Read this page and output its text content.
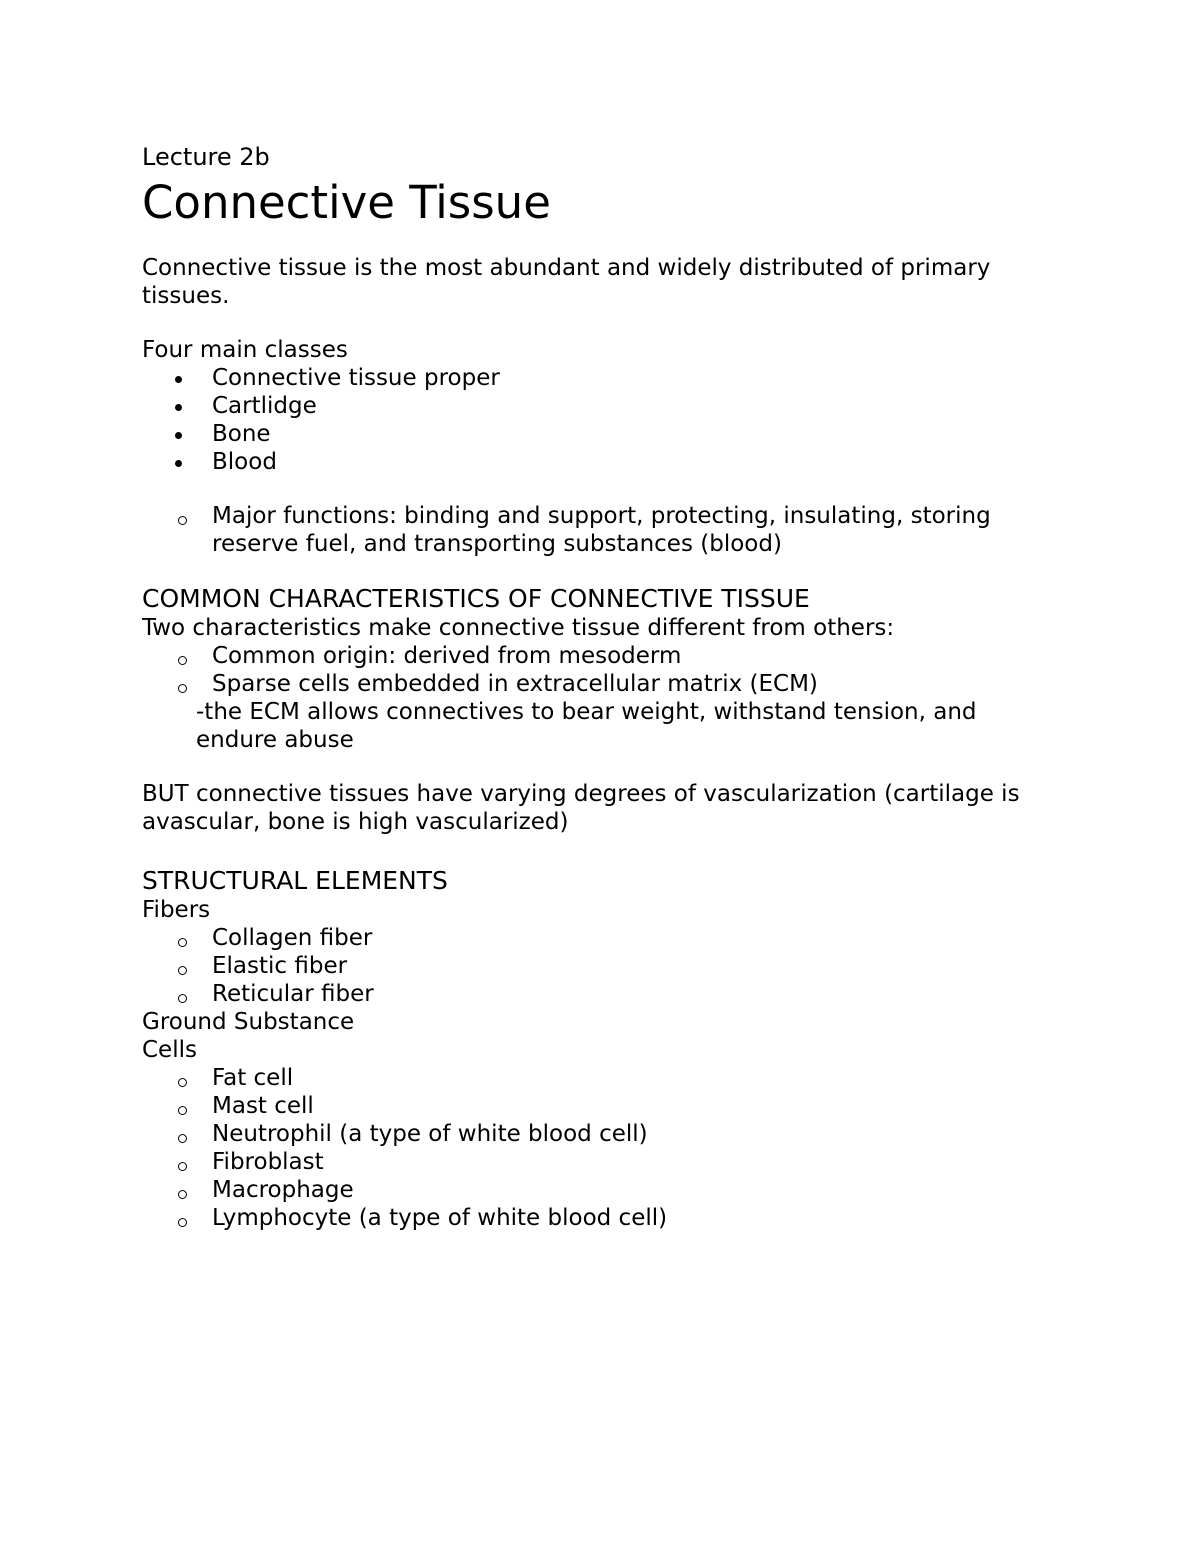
Lecture 2b

Connective Tissue

Connective tissue is the most abundant and widely distributed of primary tissues.

Four main classes

Connective tissue proper
Cartlidge
Bone
Blood
Major functions: binding and support, protecting, insulating, storing reserve fuel, and transporting substances (blood)

COMMON CHARACTERISTICS OF CONNECTIVE TISSUE

Two characteristics make connective tissue different from others:

Common origin: derived from mesoderm
Sparse cells embedded in extracellular matrix (ECM)

-the ECM allows connectives to bear weight, withstand tension, and endure abuse

BUT connective tissues have varying degrees of vascularization (cartilage is avascular, bone is high vascularized)

STRUCTURAL ELEMENTS

Fibers

Collagen fiber
Elastic fiber
Reticular fiber

Ground Substance

Cells

Fat cell
Mast cell
Neutrophil (a type of white blood cell)
Fibroblast
Macrophage
Lymphocyte (a type of white blood cell)
